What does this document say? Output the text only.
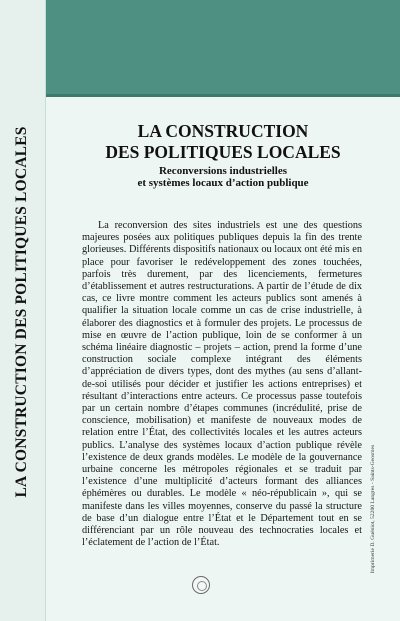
LA CONSTRUCTION DES POLITIQUES LOCALES	LA CONSTRUCTION
DES POLITIQUES LOCALES
Reconversions industrielles
et systèmes locaux d’action publique

La reconversion des sites industriels est une des questions majeures posées aux politiques publiques depuis la fin des trente glorieuses. Différents dispositifs nationaux ou locaux ont été mis en place pour favoriser le redéveloppement des zones touchées, parfois très durement, par des licenciements, fermetures d’établissement et autres restructurations. A partir de l’étude de dix cas, ce livre montre comment les acteurs publics sont amenés à qualifier la situation locale comme un cas de crise industrielle, à élaborer des diagnostics et à formuler des projets. Le processus de mise en œuvre de l’action publique, loin de se conformer à un schéma linéaire diagnostic – projets – action, prend la forme d’une construction sociale complexe intégrant des éléments d’appréciation de divers types, dont des mythes (au sens d’allant-de-soi utilisés pour décider et justifier les actions entreprises) et résultant d’interactions entre acteurs. Ce processus passe toutefois par un certain nombre d’étapes communes (incrédulité, prise de conscience, mobilisation) et manifeste de nouveaux modes de relation entre l’État, des collectivités locales et les autres acteurs publics. L’analyse des systèmes locaux d’action publique révèle l’existence de deux grands modèles. Le modèle de la gouvernance urbaine concerne les métropoles régionales et se traduit par l’existence d’une multiplicité d’acteurs formant des alliances éphémères ou durables. Le modèle « néo-républicain », qui se manifeste dans les villes moyennes, conserve du passé la structure de base d’un dialogue entre l’État et le Département tout en se différenciant par un rôle nouveau des technocraties locales et l’éclatement de l’action de l’État.	Imprimerie D. Guéniot, 52200 Langres - Saints-Geosmes
